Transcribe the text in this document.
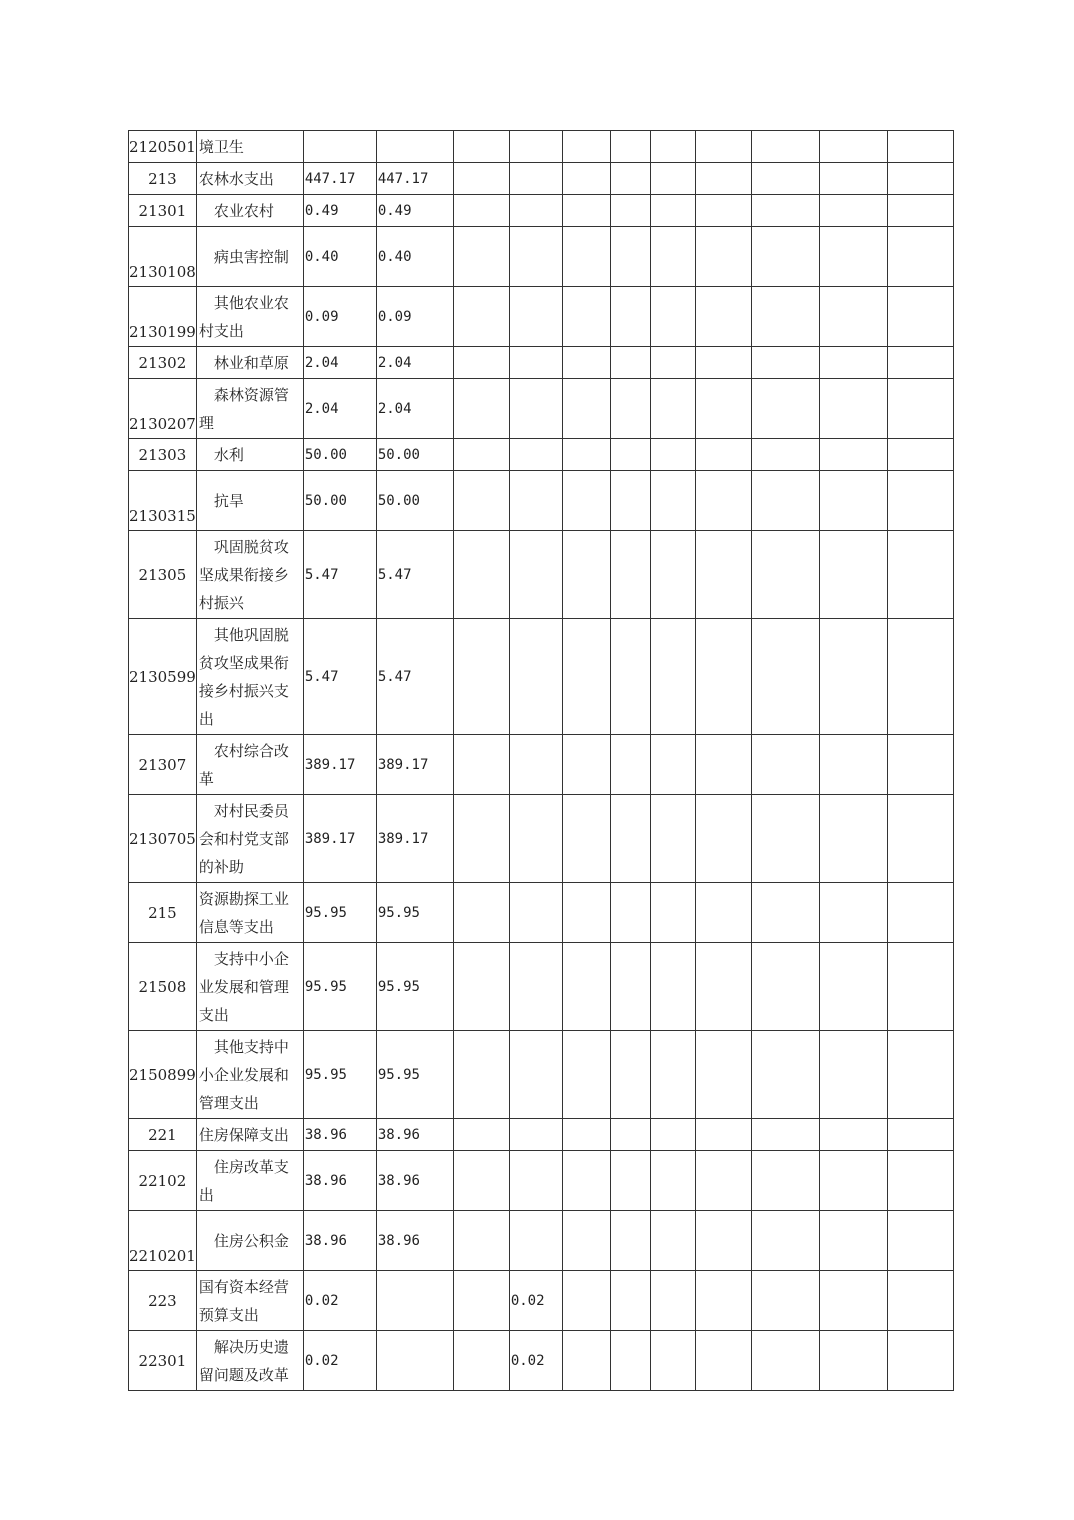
2120501	境卫生											
213	农林水支出	447.17	447.17									
21301	农业农村	0.49	0.49									
2130108	病虫害控制	0.40	0.40									
2130199	其他农业农村支出	0.09	0.09									
21302	林业和草原	2.04	2.04									
2130207	森林资源管理	2.04	2.04									
21303	水利	50.00	50.00									
2130315	抗旱	50.00	50.00									
21305	巩固脱贫攻坚成果衔接乡村振兴	5.47	5.47									
2130599	其他巩固脱贫攻坚成果衔接乡村振兴支出	5.47	5.47									
21307	农村综合改革	389.17	389.17									
2130705	对村民委员会和村党支部的补助	389.17	389.17									
215	资源勘探工业信息等支出	95.95	95.95									
21508	支持中小企业发展和管理支出	95.95	95.95									
2150899	其他支持中小企业发展和管理支出	95.95	95.95									
221	住房保障支出	38.96	38.96									
22102	住房改革支出	38.96	38.96									
2210201	住房公积金	38.96	38.96									
223	国有资本经营预算支出	0.02			0.02							
22301	解决历史遗留问题及改革	0.02			0.02							
